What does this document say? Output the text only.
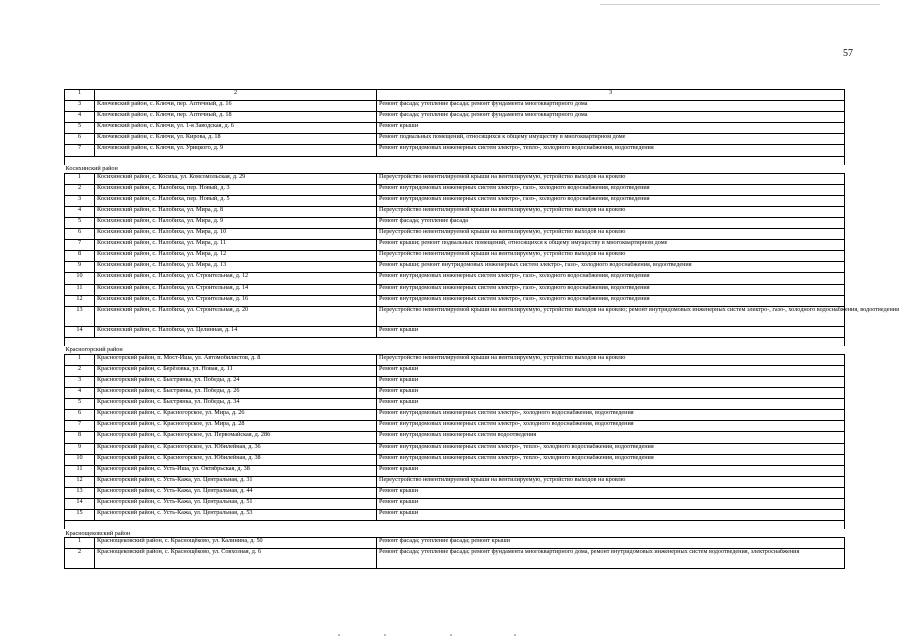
57
1	2	3
3	Ключевский район, с. Ключи, пер. Аптечный, д. 16	Ремонт фасада; утепление фасада; ремонт фундамента многоквартирного дома
4	Ключевский район, с. Ключи, пер. Аптечный, д. 18	Ремонт фасада; утепление фасада; ремонт фундамента многоквартирного дома
5	Ключевский район, с. Ключи, ул. 1-я Заводская, д. 6	Ремонт крыши
6	Ключевский район, с. Ключи, ул. Кирова, д. 18	Ремонт подвальных помещений, относящихся к общему имуществу в многоквартирном доме
7	Ключевский район, с. Ключи, ул. Урицкого, д. 9	Ремонт внутридомовых инженерных систем электро-, тепло-, холодного водоснабжения, водоотведения

Косихинский район		
1	Косихинский район, с. Косиха, ул. Комсомольская, д. 29	Переустройство невентилируемой крыши на вентилируемую, устройство выходов на кровлю
2	Косихинский район, с. Налобиха, пер. Новый, д. 3	Ремонт внутридомовых инженерных систем электро-, газо-, холодного водоснабжения, водоотведения
3	Косихинский район, с. Налобиха, пер. Новый, д. 5	Ремонт внутридомовых инженерных систем электро-, газо-, холодного водоснабжения, водоотведения
4	Косихинский район, с. Налобиха, ул. Мира, д. 8	Переустройство невентилируемой крыши на вентилируемую, устройство выходов на кровлю
5	Косихинский район, с. Налобиха, ул. Мира, д. 9	Ремонт фасада; утепление фасада
6	Косихинский район, с. Налобиха, ул. Мира, д. 10	Переустройство невентилируемой крыши на вентилируемую, устройство выходов на кровлю
7	Косихинский район, с. Налобиха, ул. Мира, д. 11	Ремонт крыши; ремонт подвальных помещений, относящихся к общему имуществу в многоквартирном доме
8	Косихинский район, с. Налобиха, ул. Мира, д. 12	Переустройство невентилируемой крыши на вентилируемую, устройство выходов на кровлю
9	Косихинский район, с. Налобиха, ул. Мира, д. 13	Ремонт крыши; ремонт внутридомовых инженерных систем электро-, газо-, холодного водоснабжения, водоотведения
10	Косихинский район, с. Налобиха, ул. Строительная, д. 12	Ремонт внутридомовых инженерных систем электро-, газо-, холодного водоснабжения, водоотведения
11	Косихинский район, с. Налобиха, ул. Строительная, д. 14	Ремонт внутридомовых инженерных систем электро-, газо-, холодного водоснабжения, водоотведения
12	Косихинский район, с. Налобиха, ул. Строительная, д. 16	Ремонт внутридомовых инженерных систем электро-, газо-, холодного водоснабжения, водоотведения
13	Косихинский район, с. Налобиха, ул. Строительная, д. 20	Переустройство невентилируемой крыши на вентилируемую, устройство выходов на кровлю; ремонт внутридомовых инженерных систем электро-, газо-, холодного водоснабжения, водоотведения
14	Косихинский район, с. Налобиха, ул. Целинная, д. 14	Ремонт крыши

Красногорский район		
1	Красногорский район, п. Мост-Иша, ул. Автомобилистов, д. 8	Переустройство невентилируемой крыши на вентилируемую, устройство выходов на кровлю
2	Красногорский район, с. Берёзовка, ул. Новая, д. 11	Ремонт крыши
3	Красногорский район, с. Быстрянка, ул. Победы, д. 24	Ремонт крыши
4	Красногорский район, с. Быстрянка, ул. Победы, д. 26	Ремонт крыши
5	Красногорский район, с. Быстрянка, ул. Победы, д. 34	Ремонт крыши
6	Красногорский район, с. Красногорское, ул. Мира, д. 26	Ремонт внутридомовых инженерных систем электро-, холодного водоснабжения, водоотведения
7	Красногорский район, с. Красногорское, ул. Мира, д. 28	Ремонт внутридомовых инженерных систем электро-, холодного водоснабжения, водоотведения
8	Красногорский район, с. Красногорское, ул. Первомайская, д. 28б	Ремонт внутридомовых инженерных систем водоотведения
9	Красногорский район, с. Красногорское, ул. Юбилейная, д. 36	Ремонт внутридомовых инженерных систем электро-, тепло-, холодного водоснабжения, водоотведения
10	Красногорский район, с. Красногорское, ул. Юбилейная, д. 38	Ремонт внутридомовых инженерных систем электро-, тепло-, холодного водоснабжения, водоотведения
11	Красногорский район, с. Усть-Иша, ул. Октябрьская, д. 38	Ремонт крыши
12	Красногорский район, с. Усть-Кажа, ул. Центральная, д. 31	Переустройство невентилируемой крыши на вентилируемую, устройство выходов на кровлю
13	Красногорский район, с. Усть-Кажа, ул. Центральная, д. 44	Ремонт крыши
14	Красногорский район, с. Усть-Кажа, ул. Центральная, д. 51	Ремонт крыши
15	Красногорский район, с. Усть-Кажа, ул. Центральная, д. 53	Ремонт крыши

Краснощековский район		
1	Краснощековский район, с. Краснощёково, ул. Калинина, д. 50	Ремонт фасада; утепление фасада; ремонт крыши
2	Краснощековский район, с. Краснощёково, ул. Совхозная, д. 6	Ремонт фасада; утепление фасада; ремонт фундамента многоквартирного дома, ремонт внутридомовых инженерных систем водоотведения, электроснабжения
